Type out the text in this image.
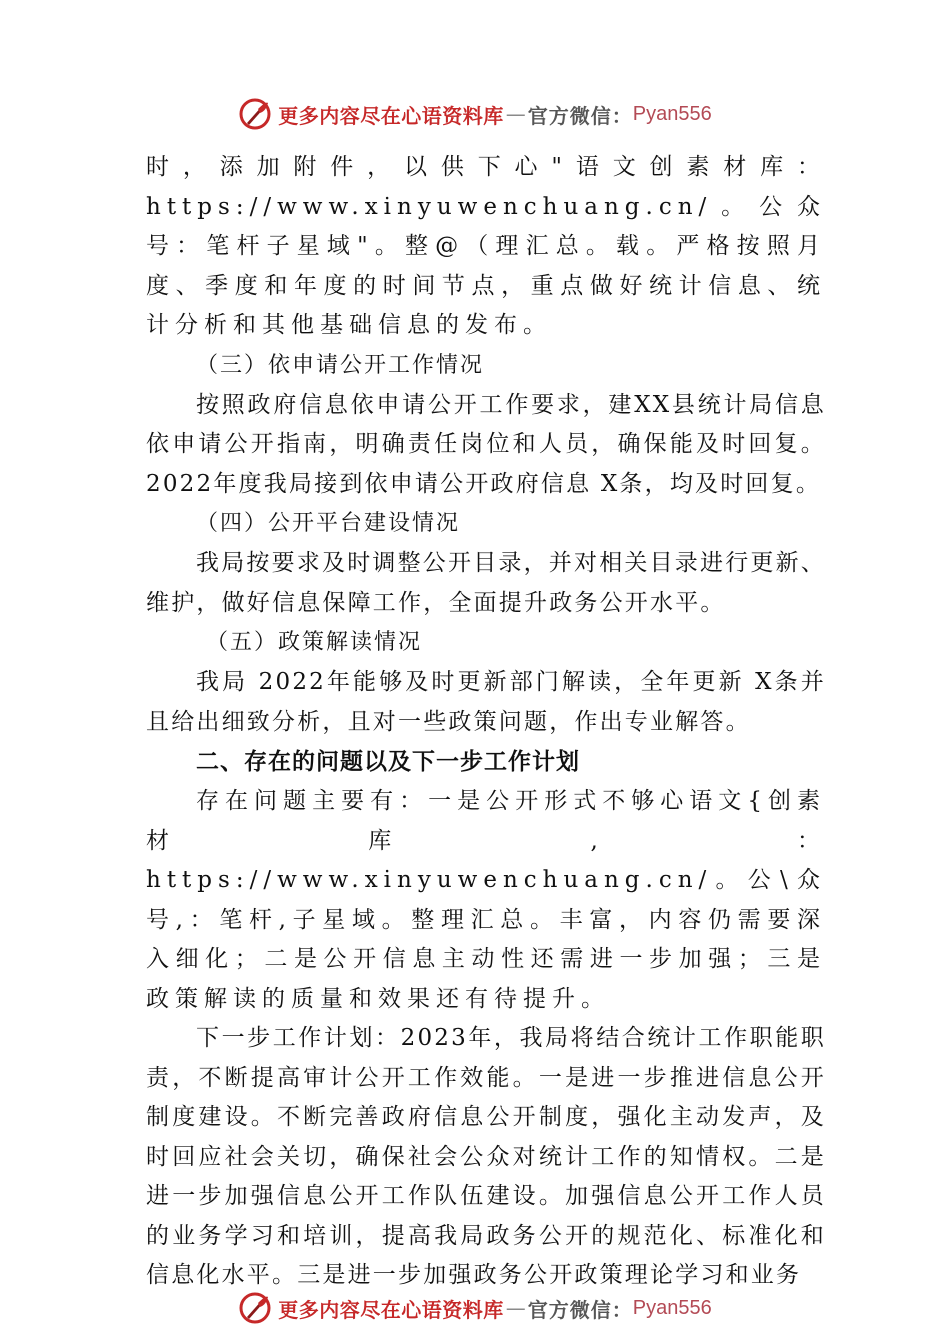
更多内容尽在心语资料库 — 官方微信： Pyan556

时，添加附件，以供下心"语文创素材库：https://www.xinyuwenchuang.cn/。公众号：笔杆子星域"。整@（理汇总。载。严格按照月度、季度和年度的时间节点，重点做好统计信息、统计分析和其他基础信息的发布。

（三）依申请公开工作情况

按照政府信息依申请公开工作要求，建XX县统计局信息依申请公开指南，明确责任岗位和人员，确保能及时回复。2022年度我局接到依申请公开政府信息 X条，均及时回复。

（四）公开平台建设情况

我局按要求及时调整公开目录，并对相关目录进行更新、维护，做好信息保障工作，全面提升政务公开水平。

（五）政策解读情况

我局 2022年能够及时更新部门解读，全年更新 X条并且给出细致分析，且对一些政策问题，作出专业解答。

二、存在的问题以及下一步工作计划

存在问题主要有：一是公开形式不够心语文{创素材库,：https://www.xinyuwenchuang.cn/。公\众号,：笔杆,子星域。整理汇总。丰富，内容仍需要深入细化；二是公开信息主动性还需进一步加强；三是政策解读的质量和效果还有待提升。

下一步工作计划：2023年，我局将结合统计工作职能职责，不断提高审计公开工作效能。一是进一步推进信息公开制度建设。不断完善政府信息公开制度，强化主动发声，及时回应社会关切，确保社会公众对统计工作的知情权。二是进一步加强信息公开工作队伍建设。加强信息公开工作人员的业务学习和培训，提高我局政务公开的规范化、标准化和信息化水平。三是进一步加强政务公开政策理论学习和业务

更多内容尽在心语资料库 — 官方微信： Pyan556
